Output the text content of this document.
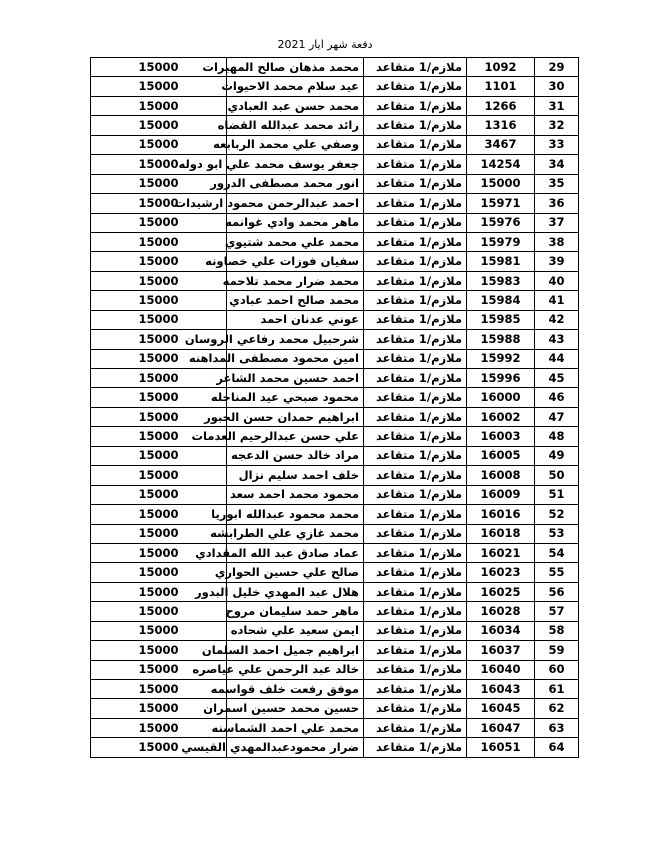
دفعة شهر ايار 2021
15000	محمد مذهان صالح المهيرات	ملازم/1 متقاعد	1092	29
15000	عيد سلام محمد الاحيوات	ملازم/1 متقاعد	1101	30
15000	محمد حسن عبد العبادي	ملازم/1 متقاعد	1266	31
15000	رائد محمد عبدالله القضاه	ملازم/1 متقاعد	1316	32
15000	وصفي علي محمد الربابعه	ملازم/1 متقاعد	3467	33
15000	جعفر يوسف محمد علي ابو دوله	ملازم/1 متقاعد	14254	34
15000	انور محمد مصطفى الدرور	ملازم/1 متقاعد	15000	35
15000	احمد عبدالرحمن محمود ارشيدات	ملازم/1 متقاعد	15971	36
15000	ماهر محمد وادي غوانمه	ملازم/1 متقاعد	15976	37
15000	محمد علي محمد شتيوي	ملازم/1 متقاعد	15979	38
15000	سفيان فوزات علي خصاونه	ملازم/1 متقاعد	15981	39
15000	محمد ضرار محمد تلاحمه	ملازم/1 متقاعد	15983	40
15000	محمد صالح احمد عبادي	ملازم/1 متقاعد	15984	41
15000	عوني عدنان احمد	ملازم/1 متقاعد	15985	42
15000	شرحبيل محمد رفاعي الروسان	ملازم/1 متقاعد	15988	43
15000	امين محمود مصطفى المداهنه	ملازم/1 متقاعد	15992	44
15000	احمد حسين محمد الشاعر	ملازم/1 متقاعد	15996	45
15000	محمود صبحي عيد المناجله	ملازم/1 متقاعد	16000	46
15000	ابراهيم حمدان حسن الجبور	ملازم/1 متقاعد	16002	47
15000	علي حسن عبدالرحيم العدمات	ملازم/1 متقاعد	16003	48
15000	مراد خالد حسن الدعجه	ملازم/1 متقاعد	16005	49
15000	خلف احمد سليم نزال	ملازم/1 متقاعد	16008	50
15000	محمود محمد احمد سعد	ملازم/1 متقاعد	16009	51
15000	محمد محمود عبدالله ابوريا	ملازم/1 متقاعد	16016	52
15000	محمد غازي علي الطرابشه	ملازم/1 متقاعد	16018	53
15000	عماد صادق عبد الله المقدادي	ملازم/1 متقاعد	16021	54
15000	صالح علي حسين الحواري	ملازم/1 متقاعد	16023	55
15000	هلال عبد المهدي خليل البدور	ملازم/1 متقاعد	16025	56
15000	ماهر حمد سليمان مروح	ملازم/1 متقاعد	16028	57
15000	ايمن سعيد علي شحاده	ملازم/1 متقاعد	16034	58
15000	ابراهيم جميل احمد السلمان	ملازم/1 متقاعد	16037	59
15000	خالد عبد الرحمن علي عياصره	ملازم/1 متقاعد	16040	60
15000	موفق رفعت خلف قواسمه	ملازم/1 متقاعد	16043	61
15000	حسين محمد حسين اسمران	ملازم/1 متقاعد	16045	62
15000	محمد علي احمد الشماسنه	ملازم/1 متقاعد	16047	63
15000	ضرار محمودعبدالمهدي القيسي	ملازم/1 متقاعد	16051	64
